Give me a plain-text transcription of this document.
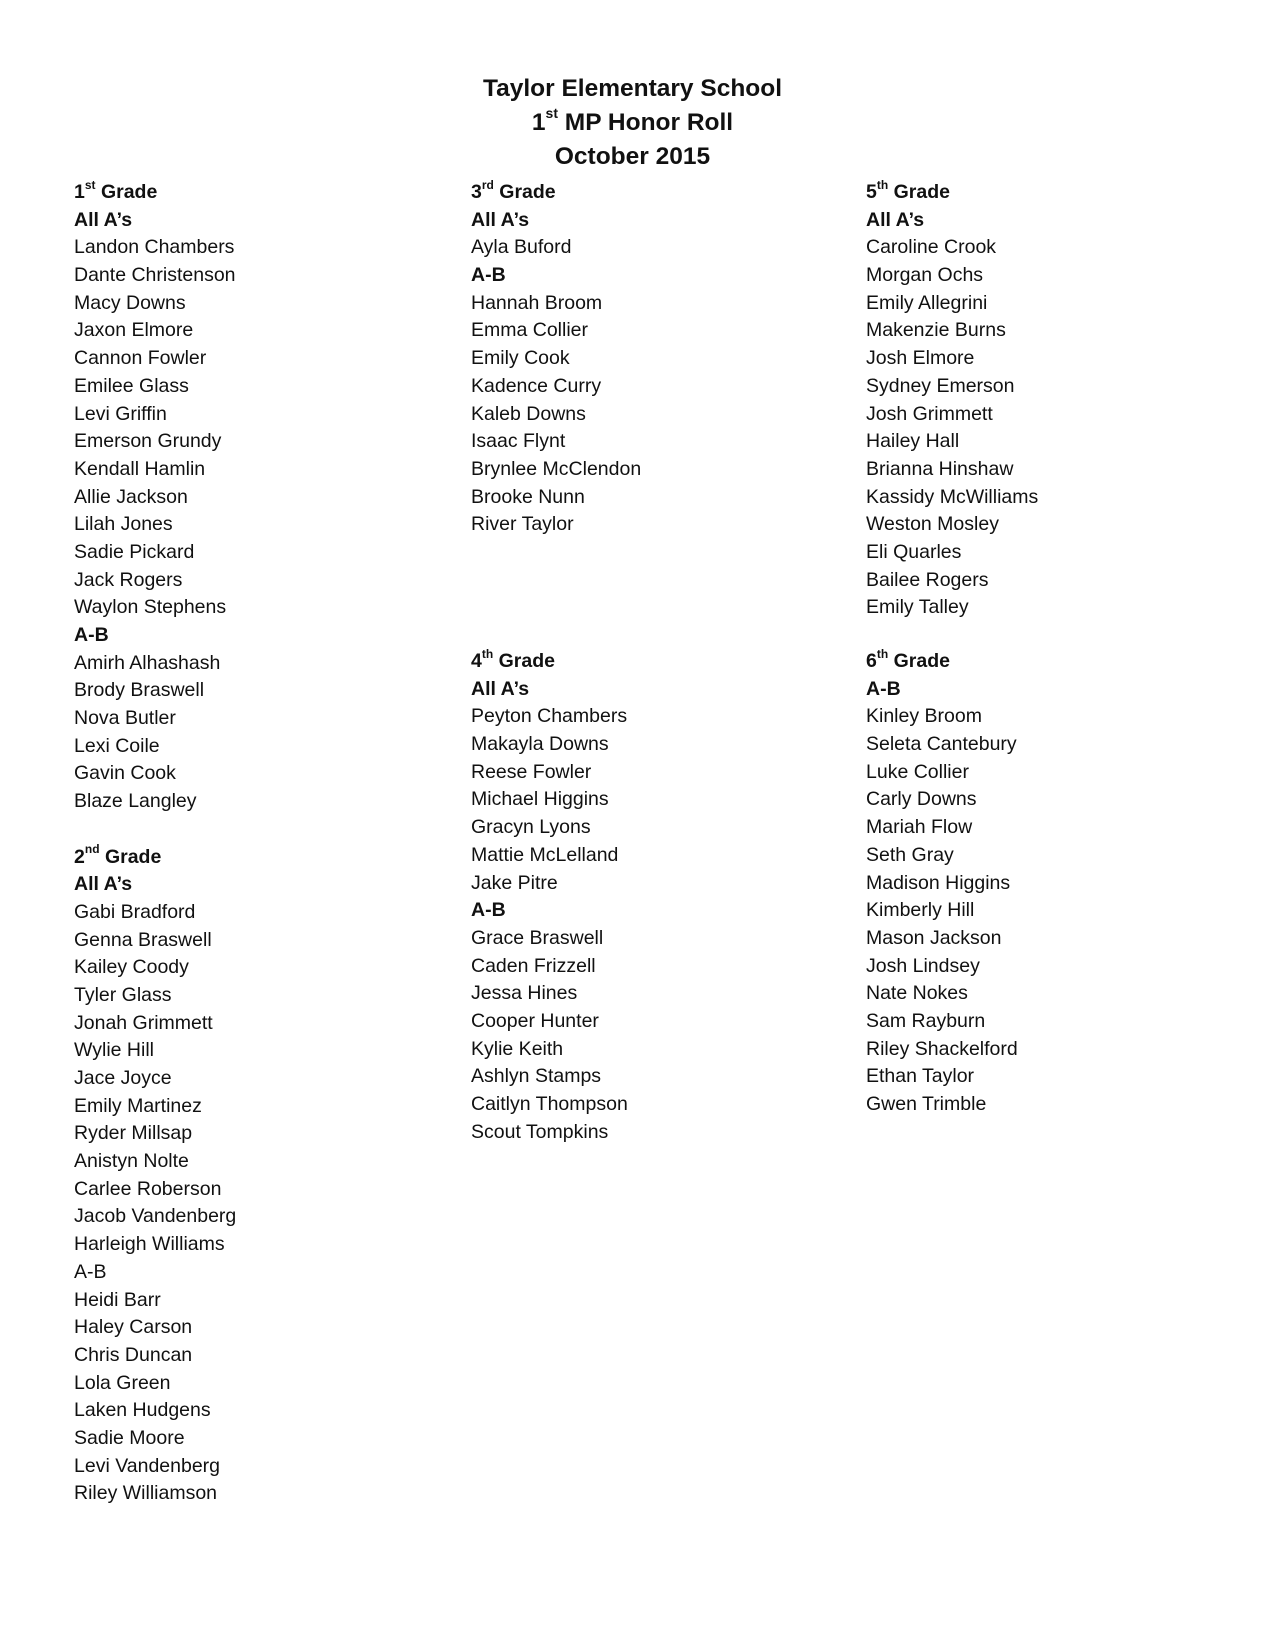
Taylor Elementary School
1st MP Honor Roll
October 2015
1st Grade
All A’s
Landon Chambers
Dante Christenson
Macy Downs
Jaxon Elmore
Cannon Fowler
Emilee Glass
Levi Griffin
Emerson Grundy
Kendall Hamlin
Allie Jackson
Lilah Jones
Sadie Pickard
Jack Rogers
Waylon Stephens
A-B
Amirh Alhashash
Brody Braswell
Nova Butler
Lexi Coile
Gavin Cook
Blaze Langley
2nd Grade
All A’s
Gabi Bradford
Genna Braswell
Kailey Coody
Tyler Glass
Jonah Grimmett
Wylie Hill
Jace Joyce
Emily Martinez
Ryder Millsap
Anistyn Nolte
Carlee Roberson
Jacob Vandenberg
Harleigh Williams
A-B
Heidi Barr
Haley Carson
Chris Duncan
Lola Green
Laken Hudgens
Sadie Moore
Levi Vandenberg
Riley Williamson
3rd Grade
All A’s
Ayla Buford
A-B
Hannah Broom
Emma Collier
Emily Cook
Kadence Curry
Kaleb Downs
Isaac Flynt
Brynlee McClendon
Brooke Nunn
River Taylor
4th Grade
All A’s
Peyton Chambers
Makayla Downs
Reese Fowler
Michael Higgins
Gracyn Lyons
Mattie McLelland
Jake Pitre
A-B
Grace Braswell
Caden Frizzell
Jessa Hines
Cooper Hunter
Kylie Keith
Ashlyn Stamps
Caitlyn Thompson
Scout Tompkins
5th Grade
All A’s
Caroline Crook
Morgan Ochs
Emily Allegrini
Makenzie Burns
Josh Elmore
Sydney Emerson
Josh Grimmett
Hailey Hall
Brianna Hinshaw
Kassidy McWilliams
Weston Mosley
Eli Quarles
Bailee Rogers
Emily Talley
6th Grade
A-B
Kinley Broom
Seleta Cantebury
Luke Collier
Carly Downs
Mariah Flow
Seth Gray
Madison Higgins
Kimberly Hill
Mason Jackson
Josh Lindsey
Nate Nokes
Sam Rayburn
Riley Shackelford
Ethan Taylor
Gwen Trimble
